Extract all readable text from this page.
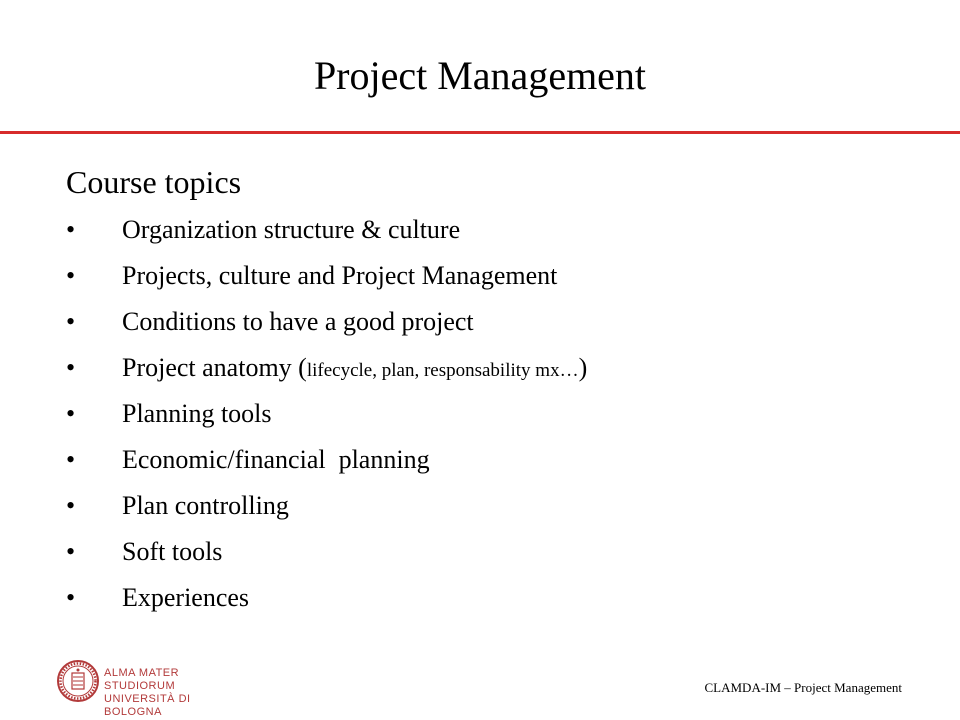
Project Management
Course topics
• Organization structure & culture
• Projects, culture and Project Management
• Conditions to have a good project
• Project anatomy (lifecycle, plan, responsability mx…)
• Planning tools
• Economic/financial  planning
• Plan controlling
• Soft tools
• Experiences
ALMA MATER STUDIORUM
UNIVERSITÀ DI BOLOGNA
CLAMDA-IM – Project Management
